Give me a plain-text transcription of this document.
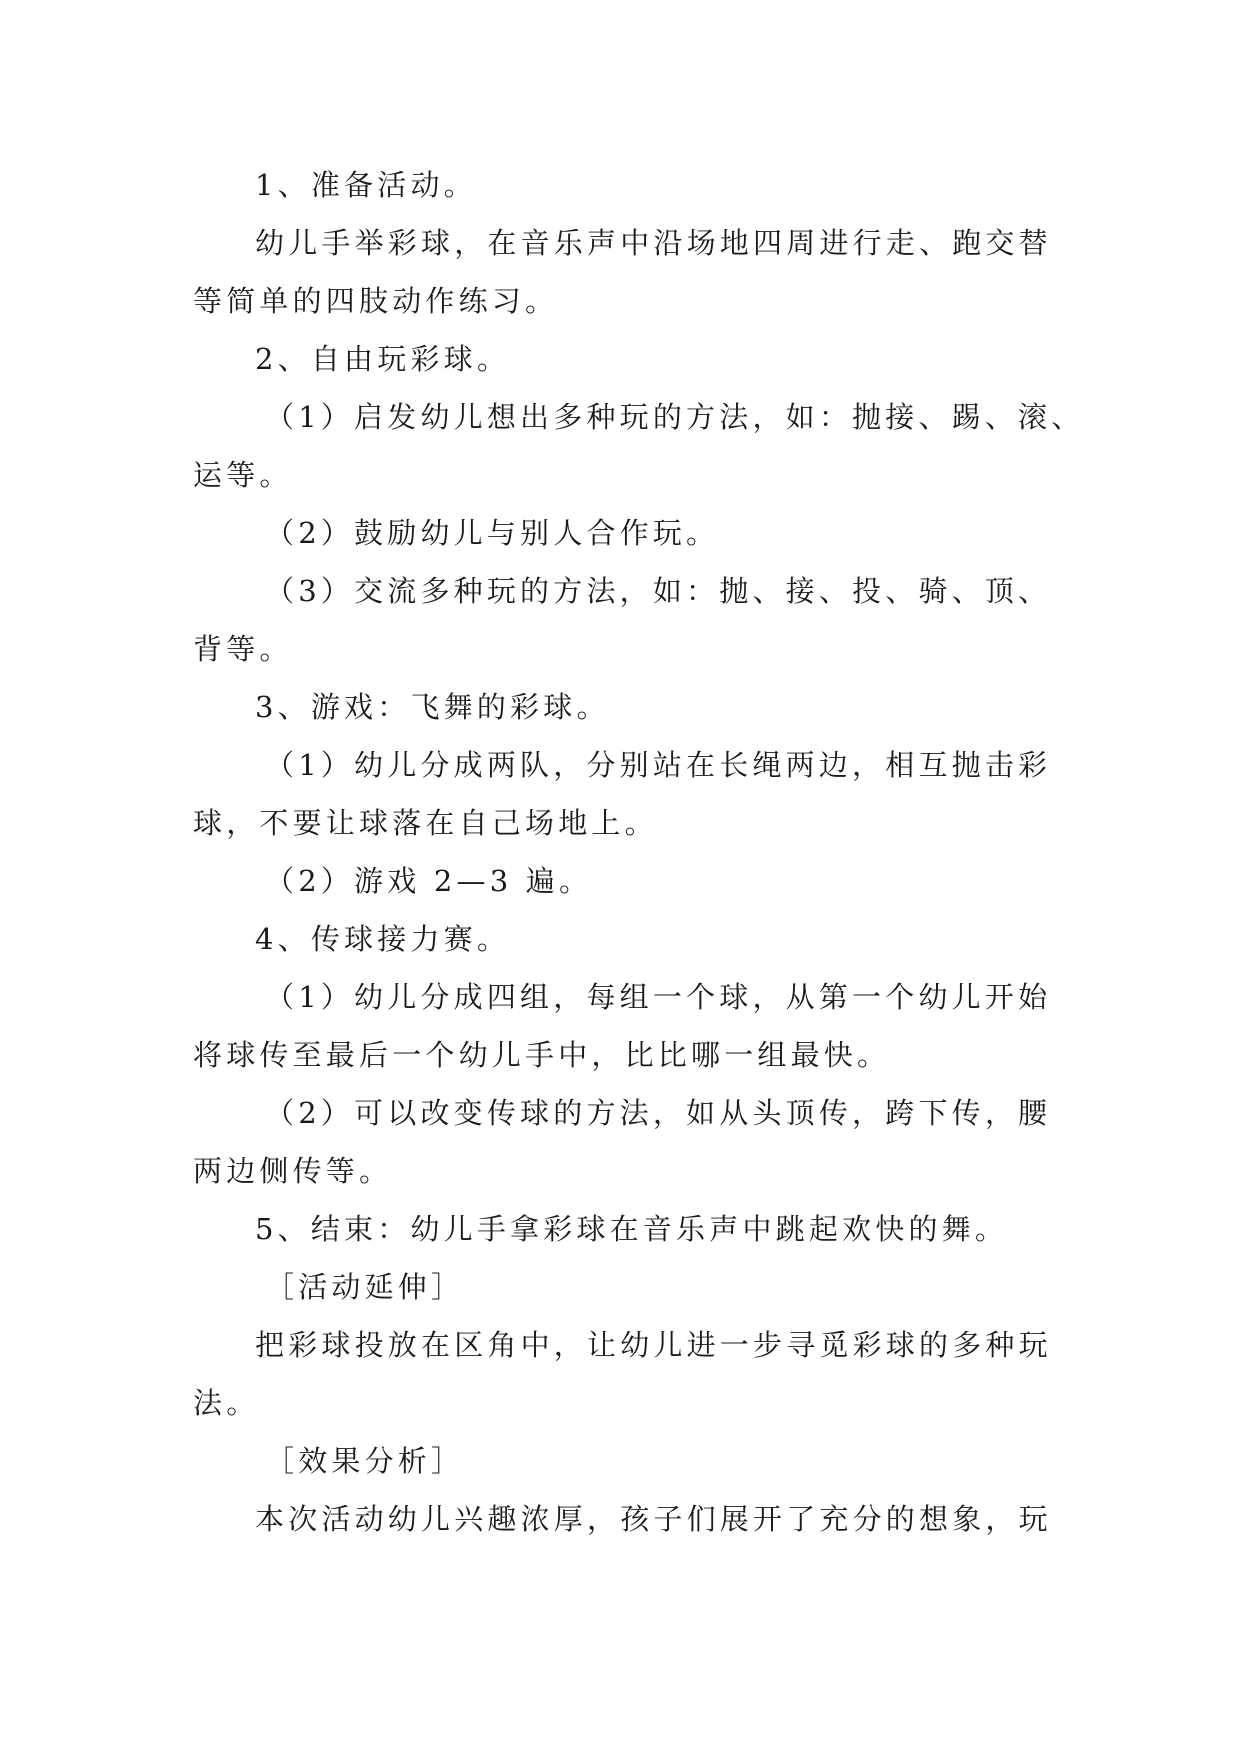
1、准备活动。
幼儿手举彩球，在音乐声中沿场地四周进行走、跑交替
等简单的四肢动作练习。
2、自由玩彩球。
（1）启发幼儿想出多种玩的方法，如：抛接、踢、滚、
运等。
（2）鼓励幼儿与别人合作玩。
（3）交流多种玩的方法，如：抛、接、投、骑、顶、
背等。
3、游戏：飞舞的彩球。
（1）幼儿分成两队，分别站在长绳两边，相互抛击彩
球，不要让球落在自己场地上。
（2）游戏 2—3 遍。
4、传球接力赛。
（1）幼儿分成四组，每组一个球，从第一个幼儿开始
将球传至最后一个幼儿手中，比比哪一组最快。
（2）可以改变传球的方法，如从头顶传，跨下传，腰
两边侧传等。
5、结束：幼儿手拿彩球在音乐声中跳起欢快的舞。
［活动延伸］
把彩球投放在区角中，让幼儿进一步寻觅彩球的多种玩
法。
［效果分析］
本次活动幼儿兴趣浓厚，孩子们展开了充分的想象，玩
